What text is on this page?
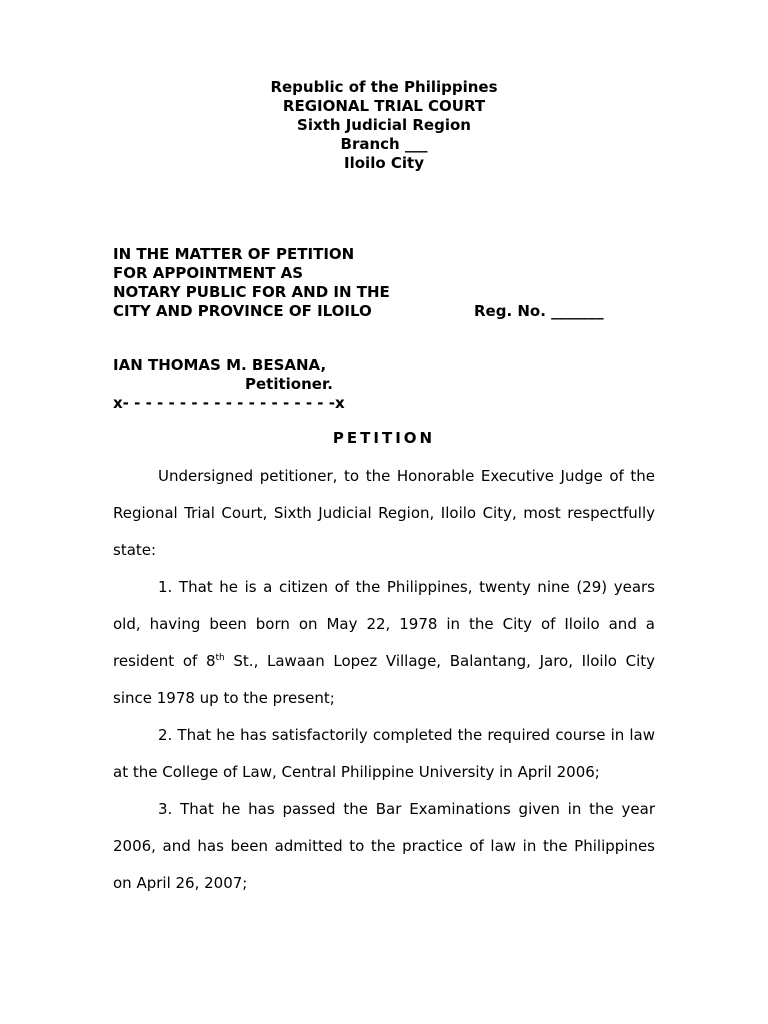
Republic of the Philippines
REGIONAL TRIAL COURT
Sixth Judicial Region
Branch ___
Iloilo City
IN THE MATTER OF PETITION
FOR APPOINTMENT AS
NOTARY PUBLIC FOR AND IN THE
CITY AND PROVINCE OF ILOILO	Reg. No. _______
IAN THOMAS M. BESANA,
Petitioner.
x- - - - - - - - - - - - - - - - - - -x
PETITION

Undersigned petitioner, to the Honorable Executive Judge of the Regional Trial Court, Sixth Judicial Region, Iloilo City, most respectfully state:

1. That he is a citizen of the Philippines, twenty nine (29) years old, having been born on May 22, 1978 in the City of Iloilo and a resident of 8th St., Lawaan Lopez Village, Balantang, Jaro, Iloilo City since 1978 up to the present;

2. That he has satisfactorily completed the required course in law at the College of Law, Central Philippine University in April 2006;

3. That he has passed the Bar Examinations given in the year 2006, and has been admitted to the practice of law in the Philippines on April 26, 2007;
